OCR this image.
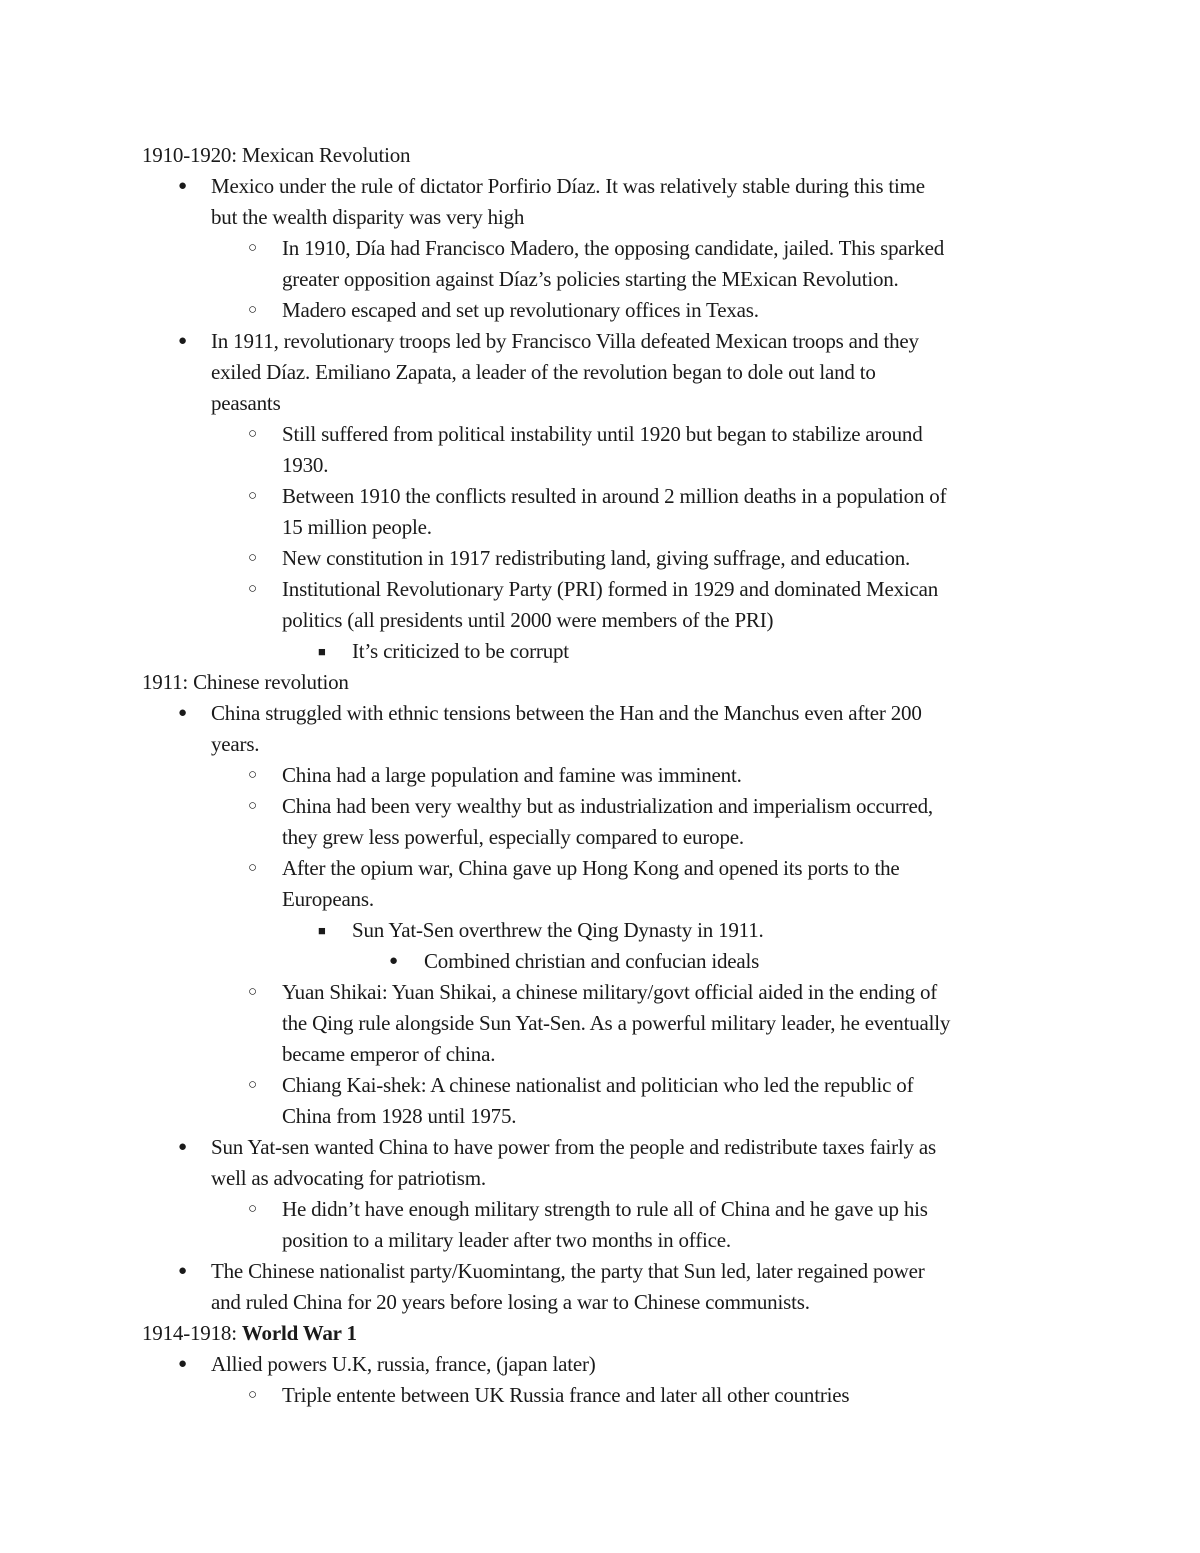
1910-1920: Mexican Revolution
● Mexico under the rule of dictator Porfirio Díaz. It was relatively stable during this time
but the wealth disparity was very high
○ In 1910, Día had Francisco Madero, the opposing candidate, jailed. This sparked
greater opposition against Díaz’s policies starting the MExican Revolution.
○ Madero escaped and set up revolutionary offices in Texas.
● In 1911, revolutionary troops led by Francisco Villa defeated Mexican troops and they
exiled Díaz. Emiliano Zapata, a leader of the revolution began to dole out land to
peasants
○ Still suffered from political instability until 1920 but began to stabilize around
1930.
○ Between 1910 the conflicts resulted in around 2 million deaths in a population of
15 million people.
○ New constitution in 1917 redistributing land, giving suffrage, and education.
○ Institutional Revolutionary Party (PRI) formed in 1929 and dominated Mexican
politics (all presidents until 2000 were members of the PRI)
■ It’s criticized to be corrupt
1911: Chinese revolution
● China struggled with ethnic tensions between the Han and the Manchus even after 200
years.
○ China had a large population and famine was imminent.
○ China had been very wealthy but as industrialization and imperialism occurred,
they grew less powerful, especially compared to europe.
○ After the opium war, China gave up Hong Kong and opened its ports to the
Europeans.
■ Sun Yat-Sen overthrew the Qing Dynasty in 1911.
● Combined christian and confucian ideals
○ Yuan Shikai: Yuan Shikai, a chinese military/govt official aided in the ending of
the Qing rule alongside Sun Yat-Sen. As a powerful military leader, he eventually
became emperor of china.
○ Chiang Kai-shek: A chinese nationalist and politician who led the republic of
China from 1928 until 1975.
● Sun Yat-sen wanted China to have power from the people and redistribute taxes fairly as
well as advocating for patriotism.
○ He didn’t have enough military strength to rule all of China and he gave up his
position to a military leader after two months in office.
● The Chinese nationalist party/Kuomintang, the party that Sun led, later regained power
and ruled China for 20 years before losing a war to Chinese communists.
1914-1918: World War 1
● Allied powers U.K, russia, france, (japan later)
○ Triple entente between UK Russia france and later all other countries
